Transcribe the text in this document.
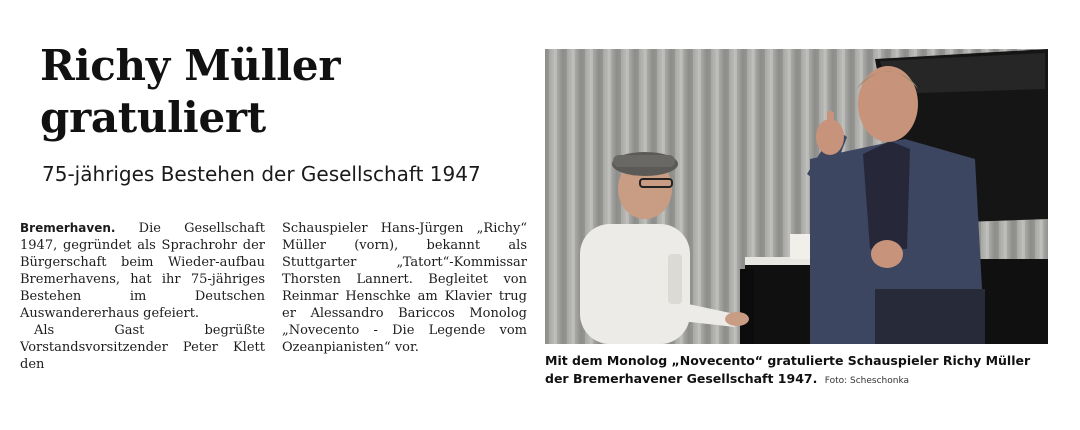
Richy Müller
gratuliert
75-jähriges Bestehen der Gesellschaft 1947

Bremerhaven. Die Gesellschaft 1947, gegründet als Sprachrohr der Bürgerschaft beim Wieder-aufbau Bremerhavens, hat ihr 75-jähriges Bestehen im Deutschen Auswandererhaus gefeiert.

Als Gast begrüßte Vorstandsvorsitzender Peter Klett den

Schauspieler Hans-Jürgen „Richy“ Müller (vorn), bekannt als Stuttgarter „Tatort“-Kommissar Thorsten Lannert. Begleitet von Reinmar Henschke am Klavier trug er Alessandro Bariccos Monolog „Novecento - Die Legende vom Ozeanpianisten“ vor.

Mit dem Monolog „Novecento“ gratulierte Schauspieler Richy Müller der Bremerhavener Gesellschaft 1947. Foto: Scheschonka
